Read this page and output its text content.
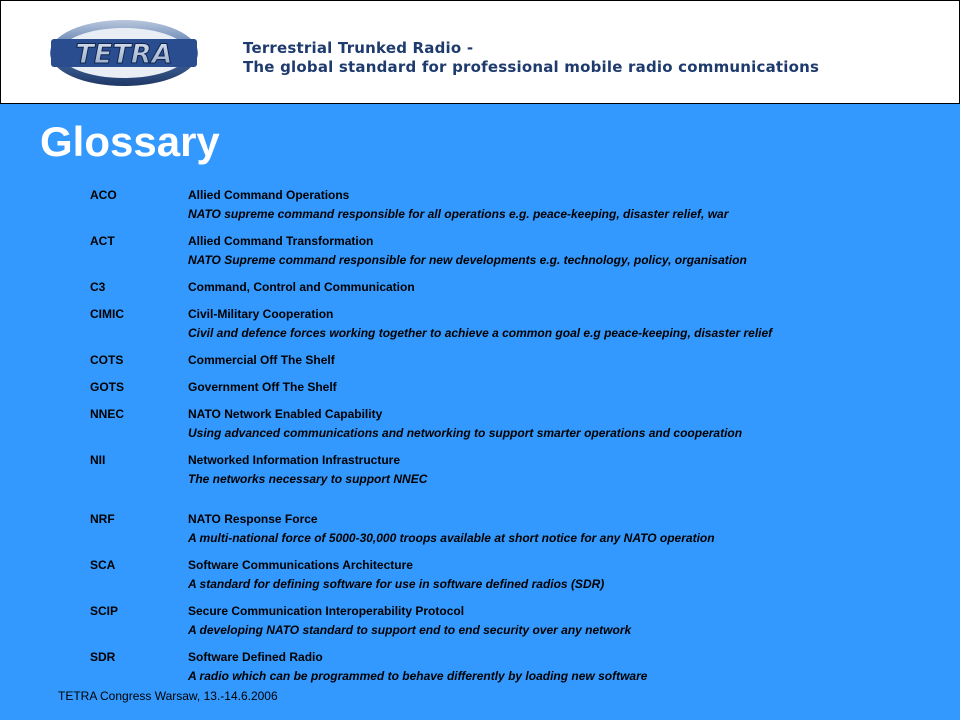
TETRA	Terrestrial Trunked Radio -
The global standard for professional mobile radio communications
Glossary
ACO	Allied Command Operations
NATO supreme command responsible for all operations e.g. peace-keeping, disaster relief, war
ACT	Allied Command Transformation
NATO Supreme command responsible for new developments e.g. technology, policy, organisation
C3	Command, Control and Communication
CIMIC	Civil-Military Cooperation
Civil and defence forces working together to achieve a common goal e.g peace-keeping, disaster relief
COTS	Commercial Off The Shelf
GOTS	Government Off The Shelf
NNEC	NATO Network Enabled Capability
Using advanced communications and networking to support smarter operations and cooperation
NII	Networked Information Infrastructure
The networks necessary to support NNEC
NRF	NATO Response Force
A multi-national force of 5000-30,000 troops available at short notice for any NATO operation
SCA	Software Communications Architecture
A standard for defining software for use in software defined radios (SDR)
SCIP	Secure Communication Interoperability Protocol
A developing NATO standard to support end to end security over any network
SDR	Software Defined Radio
A radio which can be programmed to behave differently by loading new software
TETRA Congress Warsaw, 13.-14.6.2006
